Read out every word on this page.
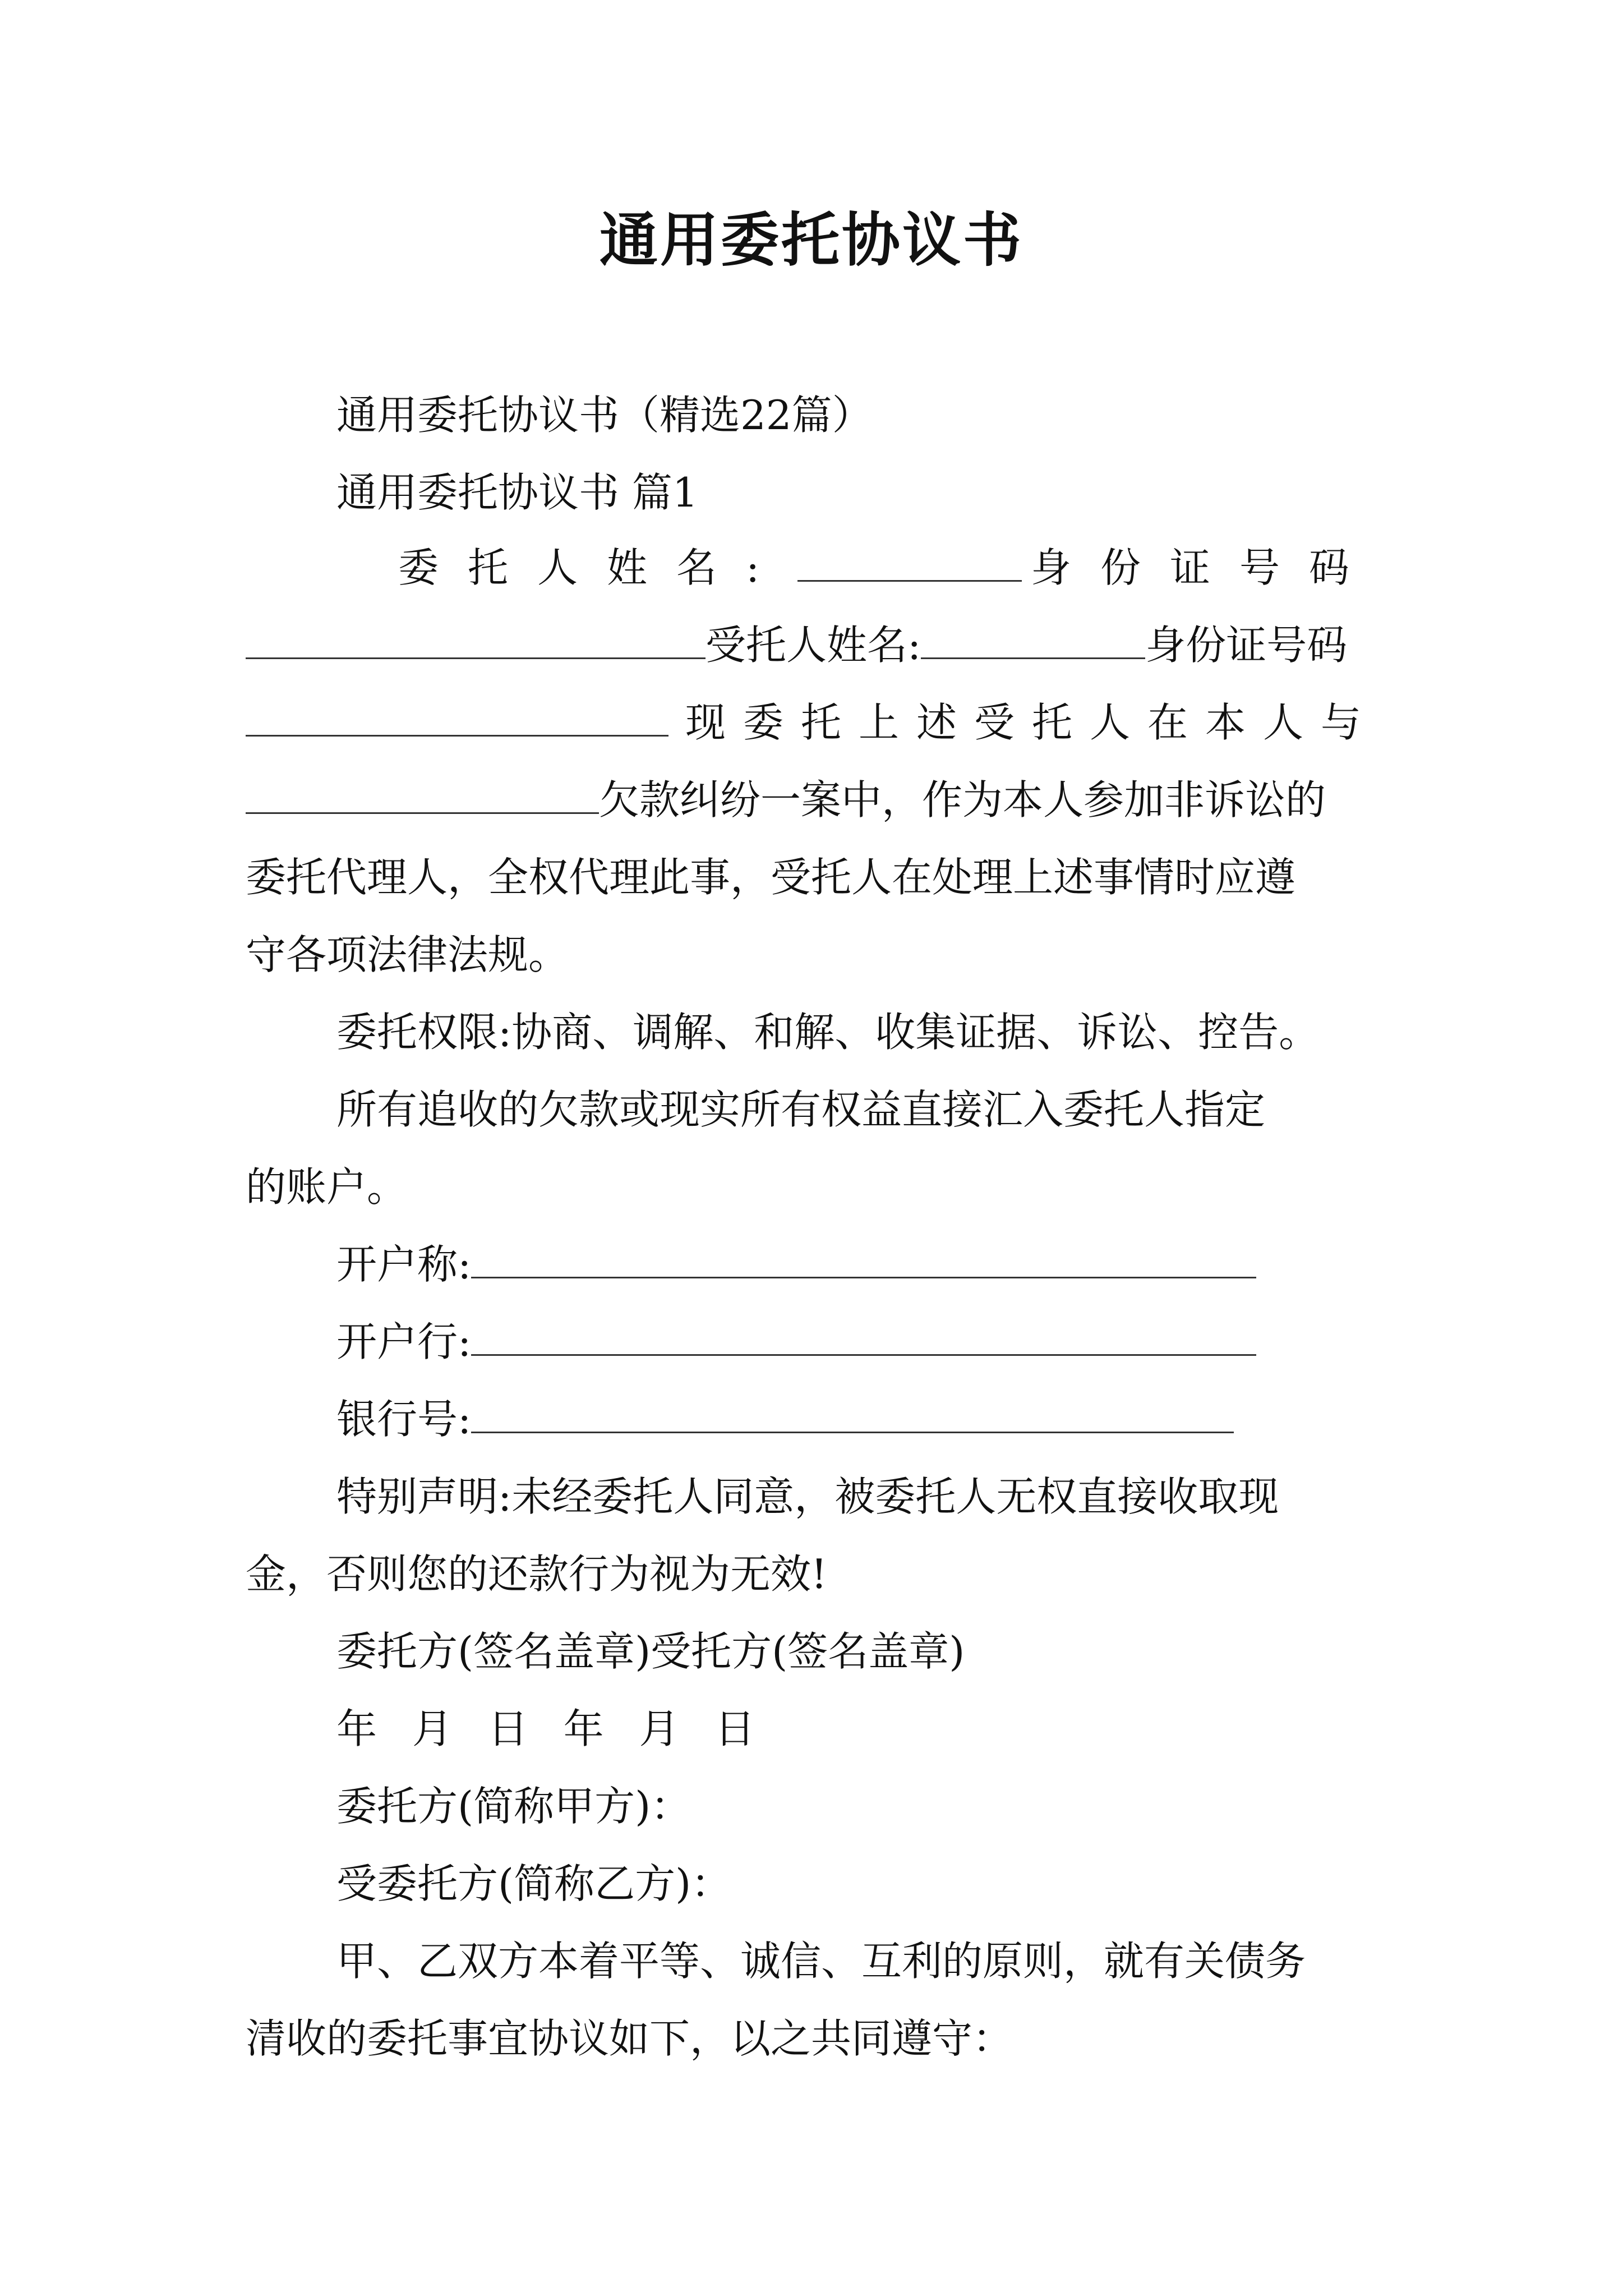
通用委托协议书
通用委托协议书（精选22篇）
通用委托协议书 篇1
委托人姓名:	身份证号码
受托人姓名:	身份证号码
现委托上述受托人在本人与
欠款纠纷一案中，作为本人参加非诉讼的
委托代理人，全权代理此事，受托人在处理上述事情时应遵
守各项法律法规。
委托权限:协商、调解、和解、收集证据、诉讼、控告。
所有追收的欠款或现实所有权益直接汇入委托人指定
的账户。
开户称:
开户行:
银行号:
特别声明:未经委托人同意，被委托人无权直接收取现
金，否则您的还款行为视为无效!
委托方(签名盖章)受托方(签名盖章)
年 月 日 年 月 日
委托方(简称甲方)：
受委托方(简称乙方)：
甲、乙双方本着平等、诚信、互利的原则，就有关债务
清收的委托事宜协议如下，以之共同遵守：
